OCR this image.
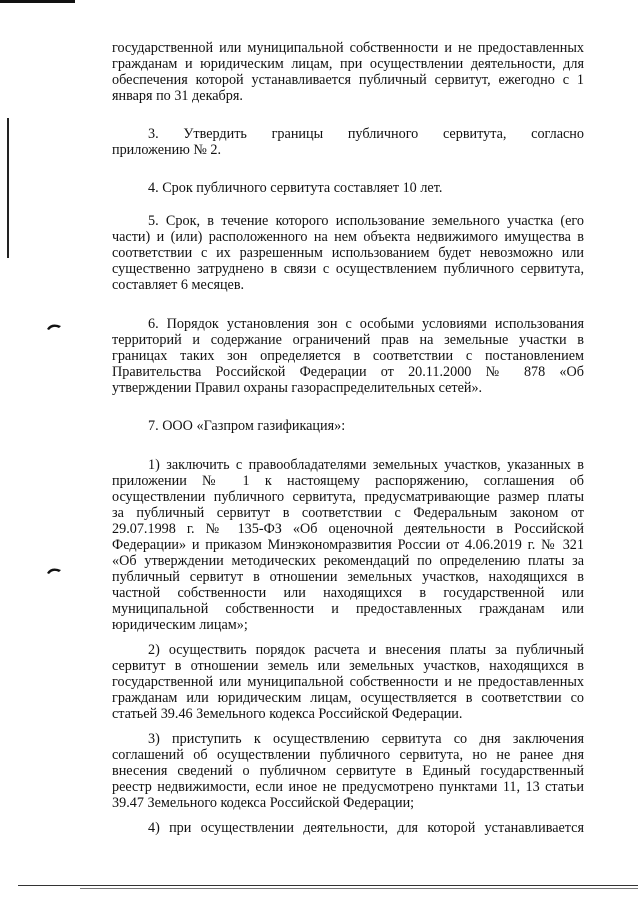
государственной или муниципальной собственности и не предоставленных
гражданам и юридическим лицам, при осуществлении деятельности, для
обеспечения которой устанавливается публичный сервитут, ежегодно с 1
января по 31 декабря.
3. Утвердить границы публичного сервитута, согласно
приложению № 2.
4. Срок публичного сервитута составляет 10 лет.
5. Срок, в течение которого использование земельного участка (его
части) и (или) расположенного на нем объекта недвижимого имущества в
соответствии с их разрешенным использованием будет невозможно или
существенно затруднено в связи с осуществлением публичного сервитута,
составляет 6 месяцев.
6. Порядок установления зон с особыми условиями использования
территорий и содержание ограничений прав на земельные участки в
границах таких зон определяется в соответствии с постановлением
Правительства Российской Федерации от 20.11.2000 № 878 «Об
утверждении Правил охраны газораспределительных сетей».
7. ООО «Газпром газификация»:
1) заключить с правообладателями земельных участков, указанных в
приложении № 1 к настоящему распоряжению, соглашения об
осуществлении публичного сервитута, предусматривающие размер платы
за публичный сервитут в соответствии с Федеральным законом от
29.07.1998 г. № 135-ФЗ «Об оценочной деятельности в Российской
Федерации» и приказом Минэкономразвития России от 4.06.2019 г. № 321
«Об утверждении методических рекомендаций по определению платы за
публичный сервитут в отношении земельных участков, находящихся в
частной собственности или находящихся в государственной или
муниципальной собственности и предоставленных гражданам или
юридическим лицам»;
2) осуществить порядок расчета и внесения платы за публичный
сервитут в отношении земель или земельных участков, находящихся в
государственной или муниципальной собственности и не предоставленных
гражданам или юридическим лицам, осуществляется в соответствии со
статьей 39.46 Земельного кодекса Российской Федерации.
3) приступить к осуществлению сервитута со дня заключения
соглашений об осуществлении публичного сервитута, но не ранее дня
внесения сведений о публичном сервитуте в Единый государственный
реестр недвижимости, если иное не предусмотрено пунктами 11, 13 статьи
39.47 Земельного кодекса Российской Федерации;
4) при осуществлении деятельности, для которой устанавливается
